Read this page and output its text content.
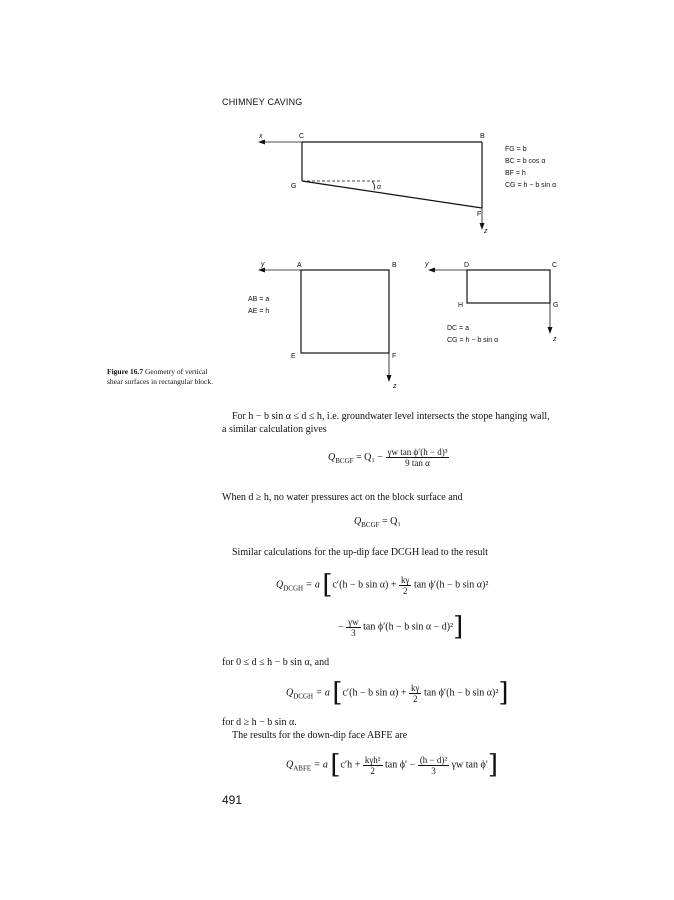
CHIMNEY CAVING
x	C	B
G
F
z
α
FG = b
BC = b cos α
BF = h
CG = h − b sin α
y	A	B
E	F
z
AB = a
AE = h
y	D	C
H	G
z
DC = a
CG = h − b sin α
Figure 16.7 Geometry of vertical shear surfaces in rectangular block.
For h − b sin α ≤ d ≤ h, i.e. groundwater level intersects the stope hanging wall,
a similar calculation gives
$Q_{BCGF} = Q_1 - \frac{\text{γw tan ϕ′(h − d)³}}{\text{9 tan α}}$
When d ≥ h, no water pressures act on the block surface and
$Q_{BCGF} = Q_1$
Similar calculations for the up-dip face DCGH lead to the result
$Q_{DCGH} = a$ [c′(h − b $\sin \alpha) + \frac{k\gamma}{2}$ tan ϕ′(h − b sin α)²
− $\frac{\gamma w}{3}$ tan ϕ′(h − b sin α − d)²]
for 0 ≤ d ≤ h − b sin α, and
$Q_{DCGH} = a$ [c′(h − b $\sin \alpha) + \frac{k\gamma}{2}$ tan ϕ′(h − b sin α)²]
for d ≥ h − b sin α.
The results for the down-dip face ABFE are
$Q_{ABFE} = a$ [$c'h + \frac{\text{kγh²}}{2}$ $\tan \phi' - \frac{\text{(h − d)²}}{3}$ γw tan ϕ′]
491
